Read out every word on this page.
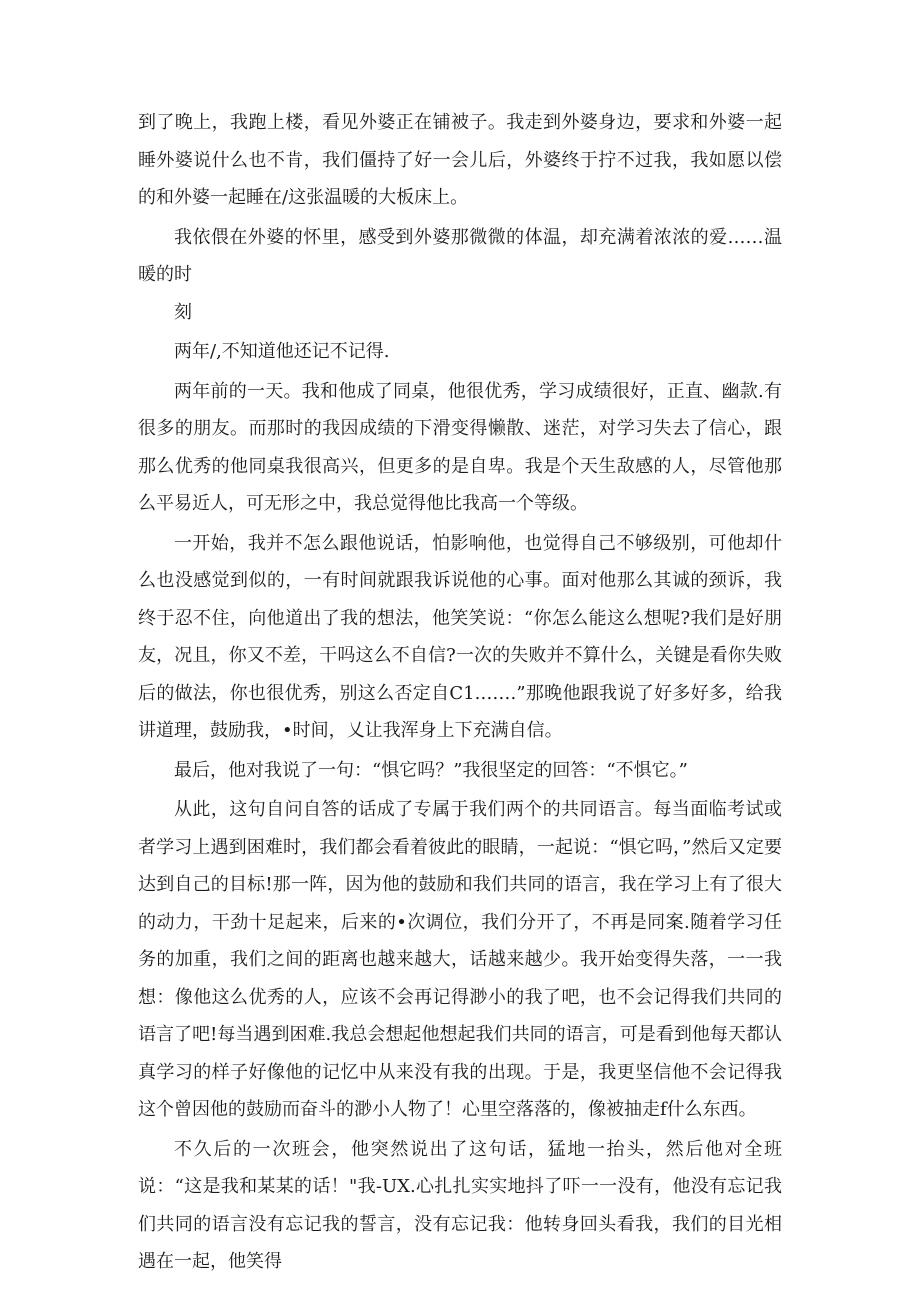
到了晚上，我跑上楼，看见外婆正在铺被子。我走到外婆身边，要求和外婆一起睡外婆说什么也不肯，我们僵持了好一会儿后，外婆终于拧不过我，我如愿以偿的和外婆一起睡在/这张温暖的大板床上。

我依偎在外婆的怀里，感受到外婆那微微的体温，却充满着浓浓的爱……温暖的时

刻

两年/,不知道他还记不记得.

两年前的一天。我和他成了同桌，他很优秀，学习成绩很好，正直、幽款.有很多的朋友。而那时的我因成绩的下滑变得懒散、迷茫，对学习失去了信心，跟那么优秀的他同桌我很高兴，但更多的是自卑。我是个天生敌感的人，尽管他那么平易近人，可无形之中，我总觉得他比我高一个等级。

一开始，我并不怎么跟他说话，怕影响他，也觉得自己不够级别，可他却什么也没感觉到似的，一有时间就跟我诉说他的心事。面对他那么其诚的颈诉，我终于忍不住，向他道出了我的想法，他笑笑说：“你怎么能这么想呢?我们是好朋友，况且，你又不差，干吗这么不自信?一次的失败并不算什么，关键是看你失败后的做法，你也很优秀，别这么否定自C1.……”那晚他跟我说了好多好多，给我讲道理，鼓励我，•时间，乂让我浑身上下充满自信。

最后，他对我说了一句：“惧它吗？”我很坚定的回答：“不惧它。”

从此，这句自问自答的话成了专属于我们两个的共同语言。每当面临考试或者学习上遇到困难时，我们都会看着彼此的眼睛，一起说：“惧它吗，”然后又定要达到自己的目标!那一阵，因为他的鼓励和我们共同的语言，我在学习上有了很大的动力，干劲十足起来，后来的•次调位，我们分开了，不再是同案.随着学习任务的加重，我们之间的距离也越来越大，话越来越少。我开始变得失落，一一我想：像他这么优秀的人，应该不会再记得渺小的我了吧，也不会记得我们共同的语言了吧!每当遇到困难.我总会想起他想起我们共同的语言，可是看到他每天都认真学习的样子好像他的记忆中从来没有我的出现。于是，我更坚信他不会记得我这个曾因他的鼓励而奋斗的渺小人物了！心里空落落的，像被抽走f什么东西。

不久后的一次班会，他突然说出了这句话，猛地一抬头，然后他对全班说：“这是我和某某的话！"我-UX.心扎扎实实地抖了吓一一没有，他没有忘记我们共同的语言没有忘记我的誓言，没有忘记我：他转身回头看我，我们的目光相遇在一起，他笑得
